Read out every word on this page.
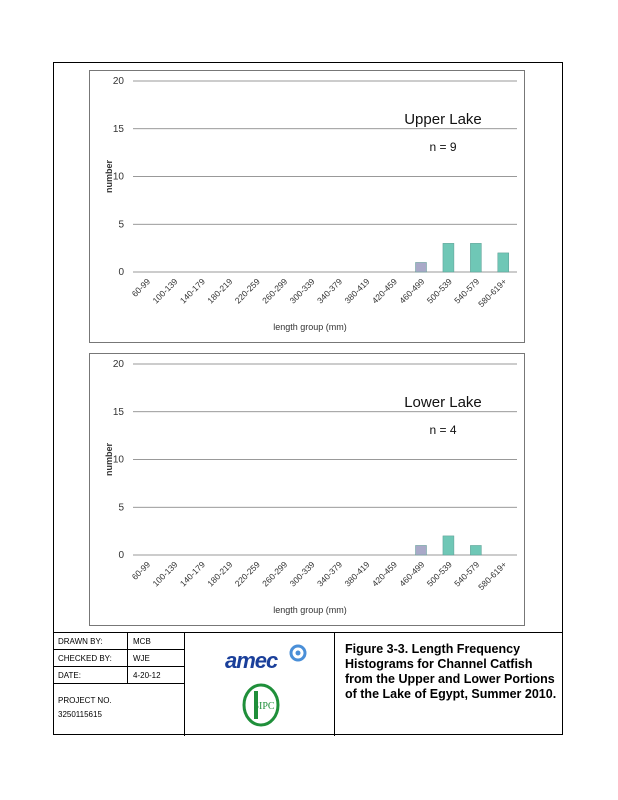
0
5
10
15
20
number
60-99
100-139
140-179
180-219
220-259
260-299
300-339
340-379
380-419
420-459
460-499
500-539
540-579
580-619+
length group (mm)
Upper Lake
n = 9
0
5
10
15
20
number
60-99
100-139
140-179
180-219
220-259
260-299
300-339
340-379
380-419
420-459
460-499
500-539
540-579
580-619+
length group (mm)
Lower Lake
n = 4
DRAWN BY:	MCB
CHECKED BY:	WJE
DATE:	4-20-12
PROJECT NO.
3250115615
amec
SIPC
Figure 3-3. Length Frequency Histograms for Channel Catfish from the Upper and Lower Portions of the Lake of Egypt, Summer 2010.
